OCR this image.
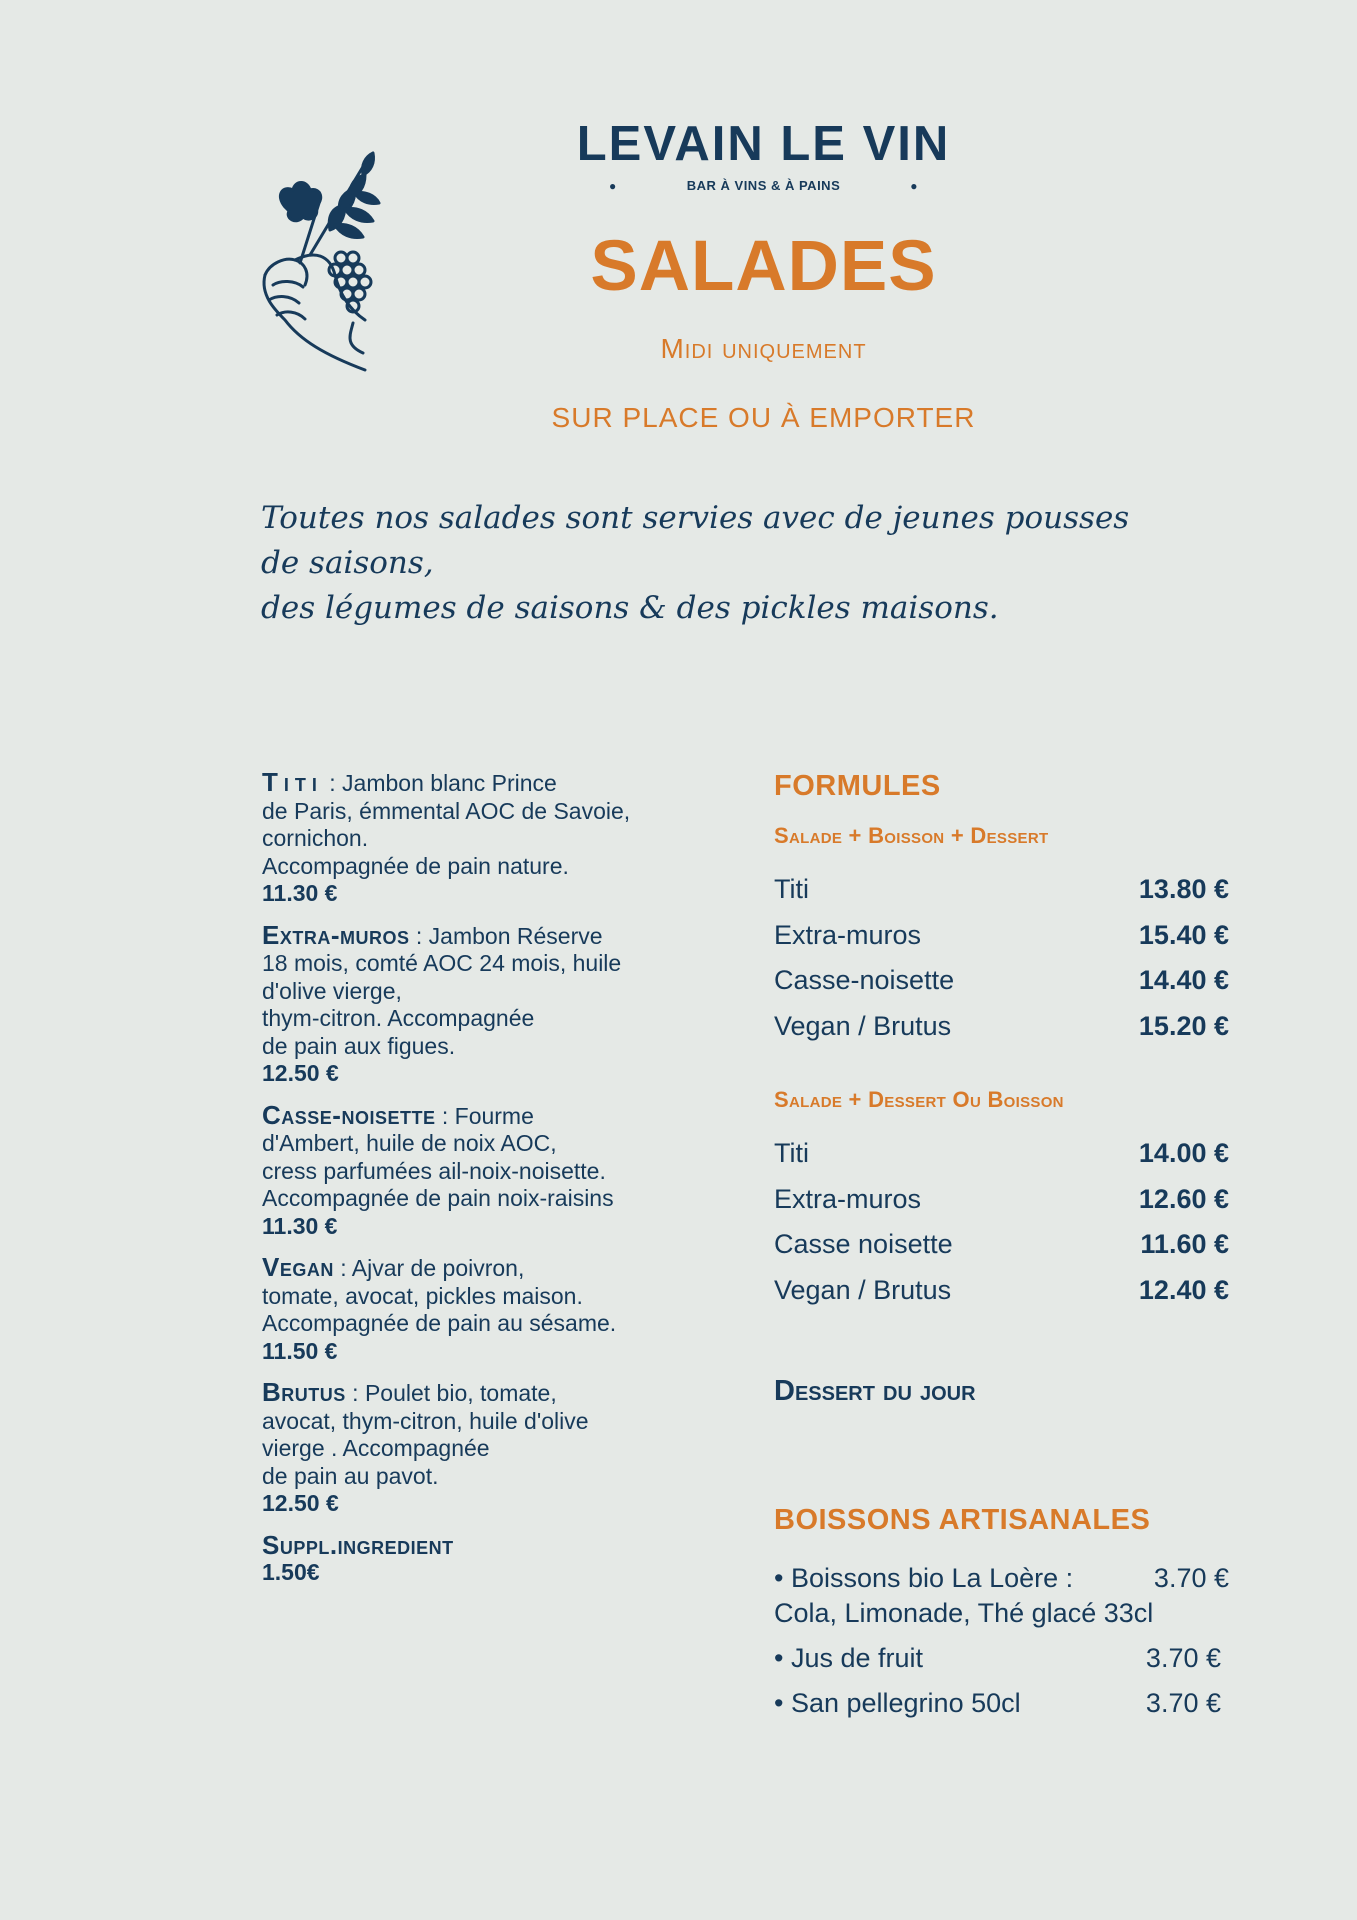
LEVAIN LE VIN
●	BAR À VINS & À PAINS	●
SALADES
Midi uniquement
SUR PLACE OU À EMPORTER
Toutes nos salades sont servies avec de jeunes pousses de saisons,
des légumes de saisons & des pickles maisons.
Titi : Jambon blanc Prince
de Paris, émmental AOC de Savoie,
cornichon.
Accompagnée de pain nature.
11.30 €
Extra-muros : Jambon Réserve
18 mois, comté AOC 24 mois, huile
d'olive vierge,
thym-citron. Accompagnée
de pain aux figues.
12.50 €
Casse-noisette : Fourme
d'Ambert, huile de noix AOC,
cress parfumées ail-noix-noisette.
Accompagnée de pain noix-raisins
11.30 €
Vegan : Ajvar de poivron,
tomate, avocat, pickles maison.
Accompagnée de pain au sésame.
11.50 €
Brutus : Poulet bio, tomate,
avocat, thym-citron, huile d'olive
vierge . Accompagnée
de pain au pavot.
12.50 €
Suppl.ingredient
1.50€
FORMULES
Salade + Boisson + Dessert
Titi	13.80 €
Extra-muros	15.40 €
Casse-noisette	14.40 €
Vegan / Brutus	15.20 €
Salade + Dessert Ou Boisson
Titi	14.00 €
Extra-muros	12.60 €
Casse noisette	11.60 €
Vegan / Brutus	12.40 €
Dessert du jour
BOISSONS ARTISANALES
• Boissons bio La Loère :	3.70 €
Cola, Limonade, Thé glacé 33cl
• Jus de fruit	3.70 €
• San pellegrino 50cl	3.70 €
